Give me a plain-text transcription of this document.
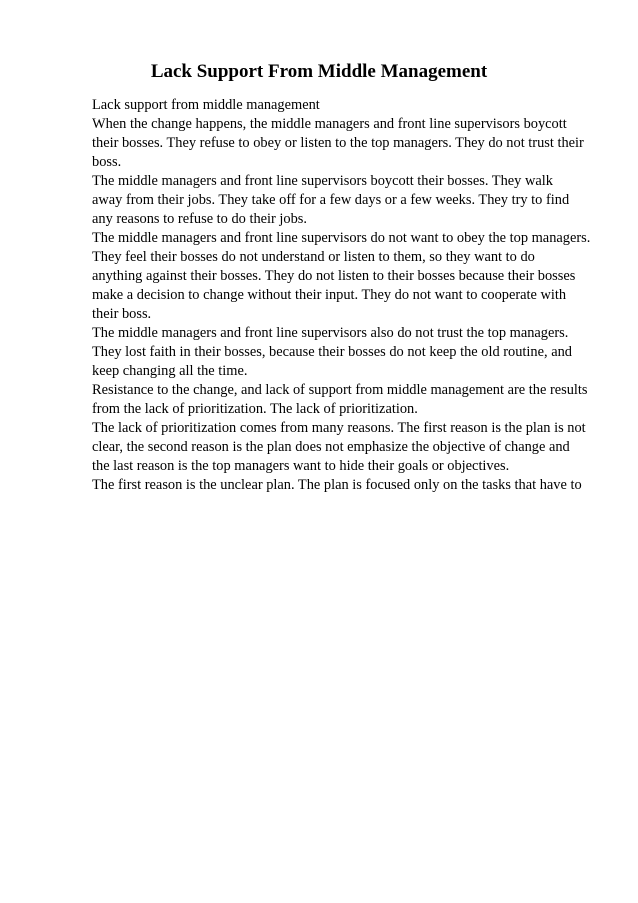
Lack Support From Middle Management
Lack support from middle management
When the change happens, the middle managers and front line supervisors boycott
their bosses. They refuse to obey or listen to the top managers. They do not trust their
boss.
The middle managers and front line supervisors boycott their bosses. They walk
away from their jobs. They take off for a few days or a few weeks. They try to find
any reasons to refuse to do their jobs.
The middle managers and front line supervisors do not want to obey the top managers.
They feel their bosses do not understand or listen to them, so they want to do
anything against their bosses. They do not listen to their bosses because their bosses
make a decision to change without their input. They do not want to cooperate with
their boss.
The middle managers and front line supervisors also do not trust the top managers.
They lost faith in their bosses, because their bosses do not keep the old routine, and
keep changing all the time.
Resistance to the change, and lack of support from middle management are the results
from the lack of prioritization. The lack of prioritization.
The lack of prioritization comes from many reasons. The first reason is the plan is not
clear, the second reason is the plan does not emphasize the objective of change and
the last reason is the top managers want to hide their goals or objectives.
The first reason is the unclear plan. The plan is focused only on the tasks that have to
